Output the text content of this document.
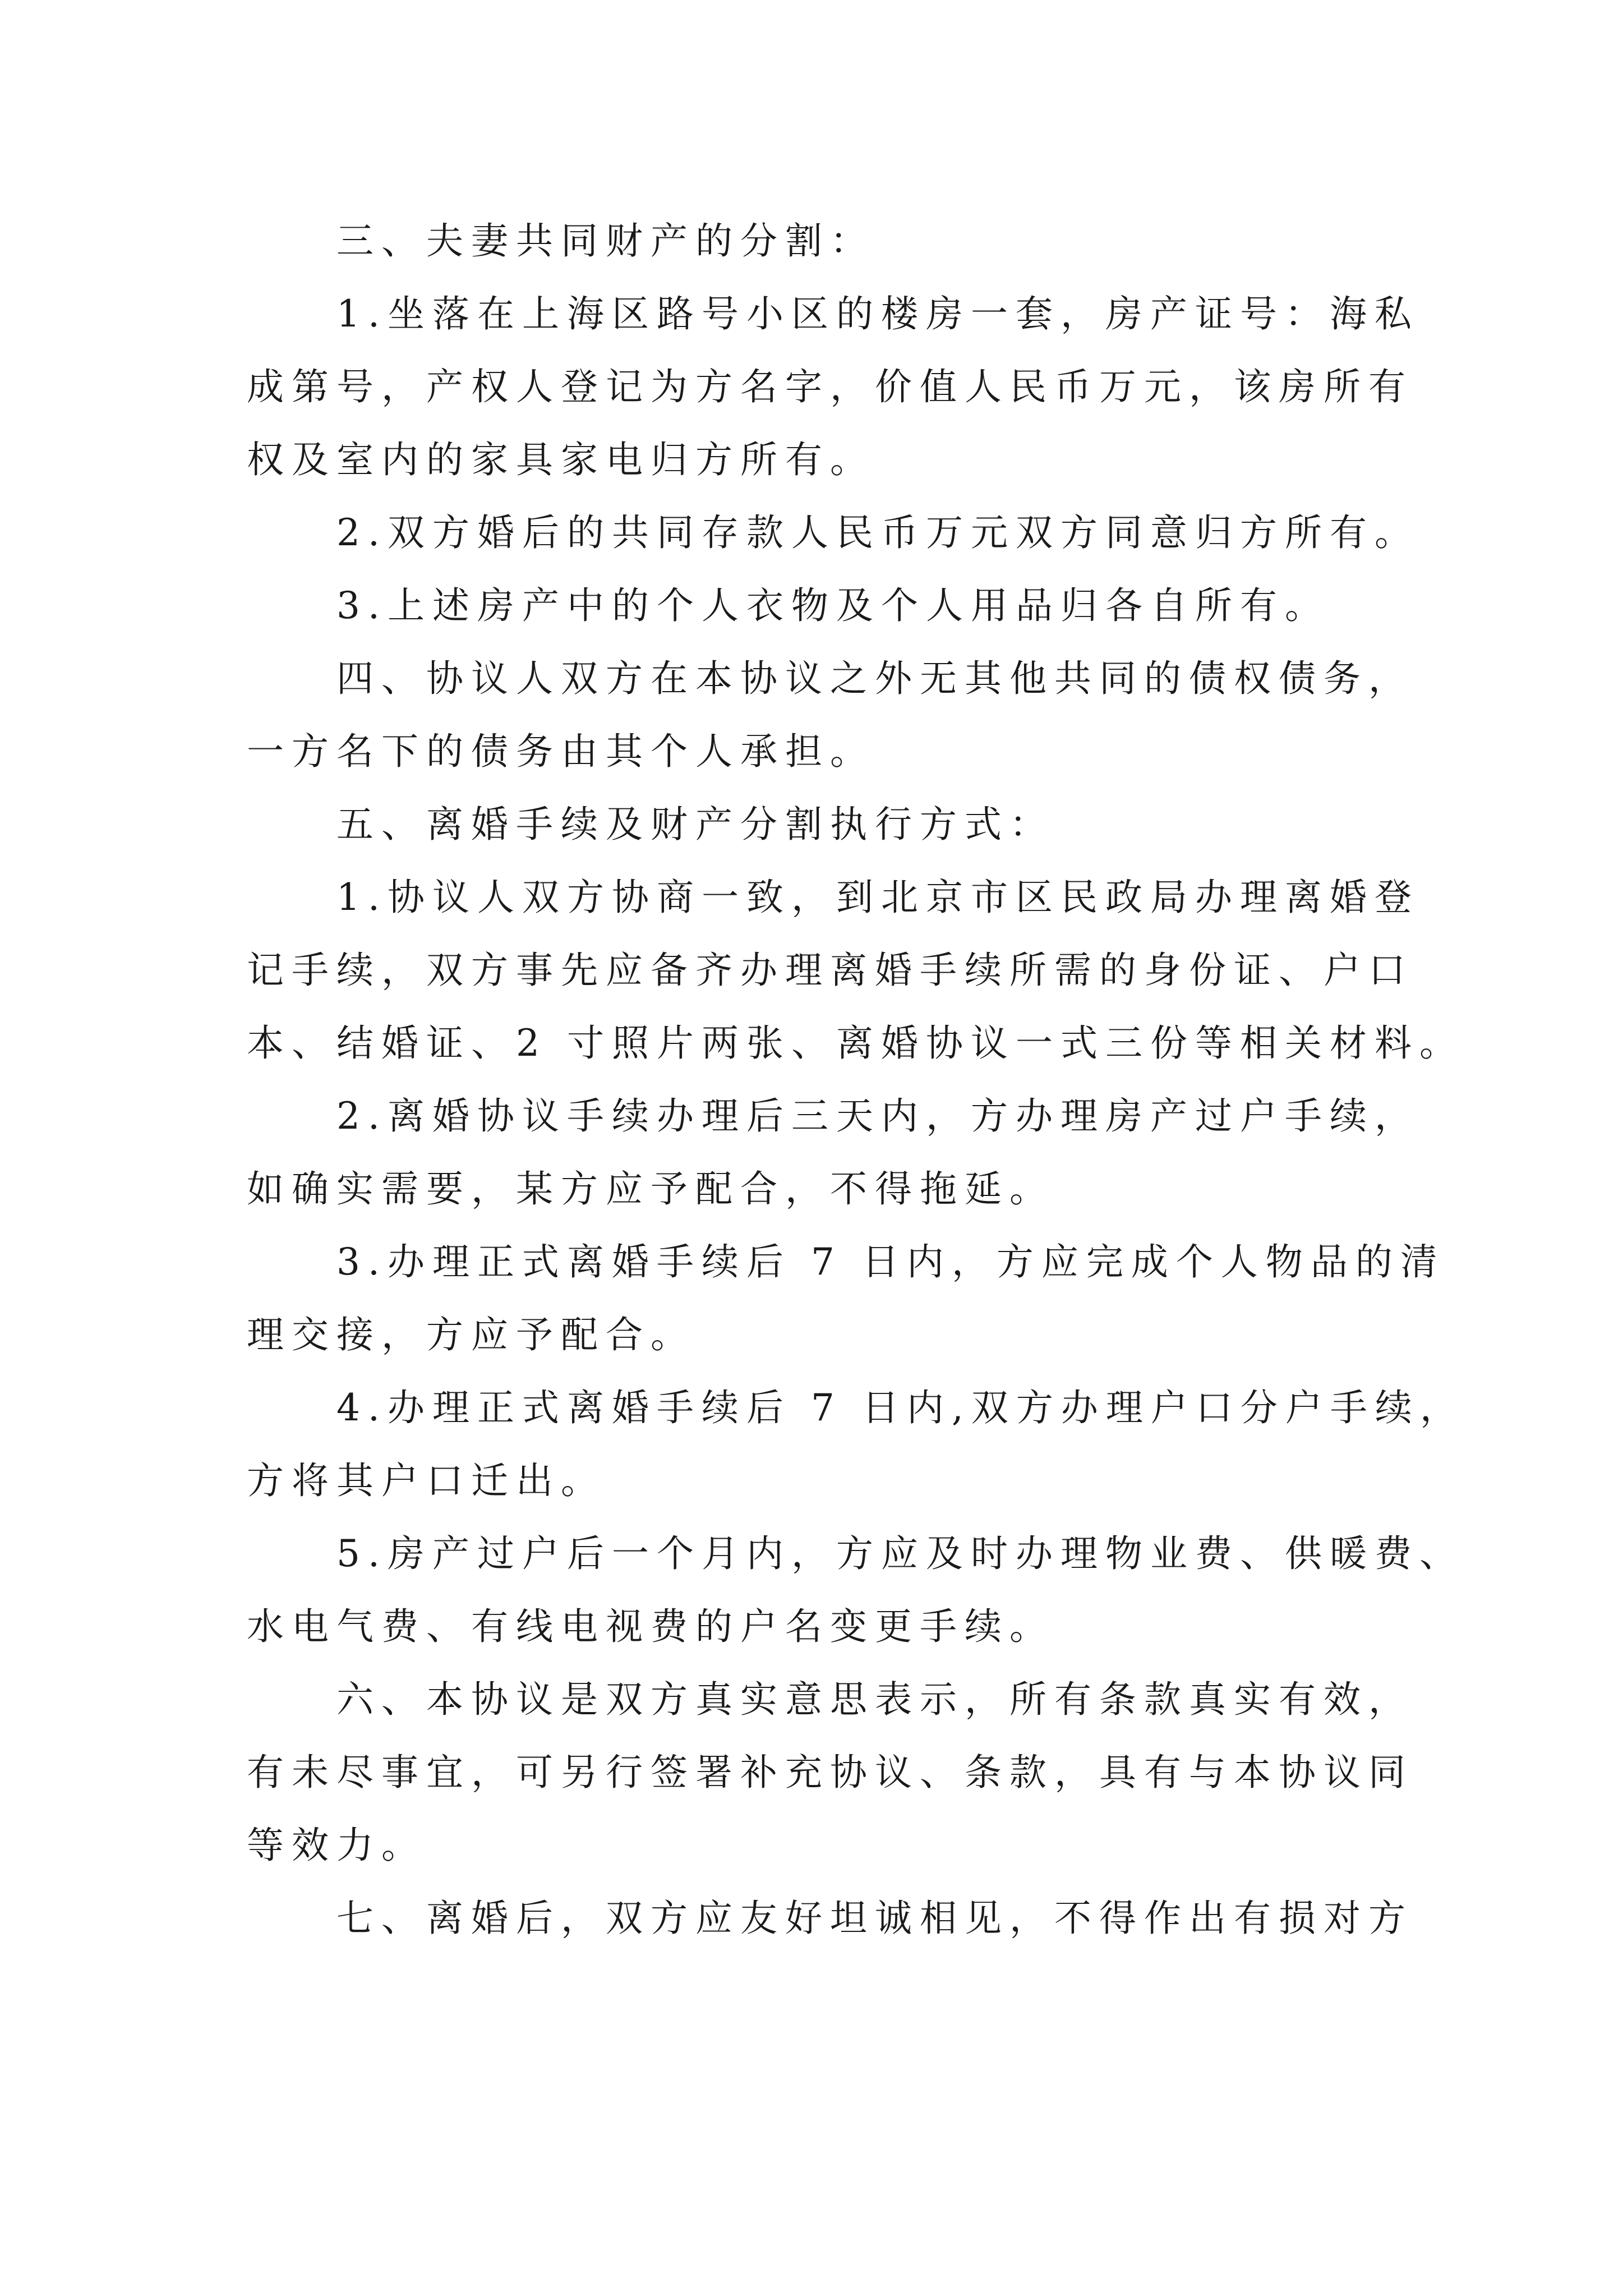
　　三、夫妻共同财产的分割：

　　1.坐落在上海区路号小区的楼房一套，房产证号：海私

成第号，产权人登记为方名字，价值人民币万元，该房所有

权及室内的家具家电归方所有。

　　2.双方婚后的共同存款人民币万元双方同意归方所有。

　　3.上述房产中的个人衣物及个人用品归各自所有。

　　四、协议人双方在本协议之外无其他共同的债权债务，

一方名下的债务由其个人承担。

　　五、离婚手续及财产分割执行方式：

　　1.协议人双方协商一致，到北京市区民政局办理离婚登

记手续，双方事先应备齐办理离婚手续所需的身份证、户口

本、结婚证、2 寸照片两张、离婚协议一式三份等相关材料。

　　2.离婚协议手续办理后三天内，方办理房产过户手续，

如确实需要，某方应予配合，不得拖延。

　　3.办理正式离婚手续后 7 日内，方应完成个人物品的清

理交接，方应予配合。

　　4.办理正式离婚手续后 7 日内,双方办理户口分户手续，

方将其户口迁出。

　　5.房产过户后一个月内，方应及时办理物业费、供暖费、

水电气费、有线电视费的户名变更手续。

　　六、本协议是双方真实意思表示，所有条款真实有效，

有未尽事宜，可另行签署补充协议、条款，具有与本协议同

等效力。

　　七、离婚后，双方应友好坦诚相见，不得作出有损对方
